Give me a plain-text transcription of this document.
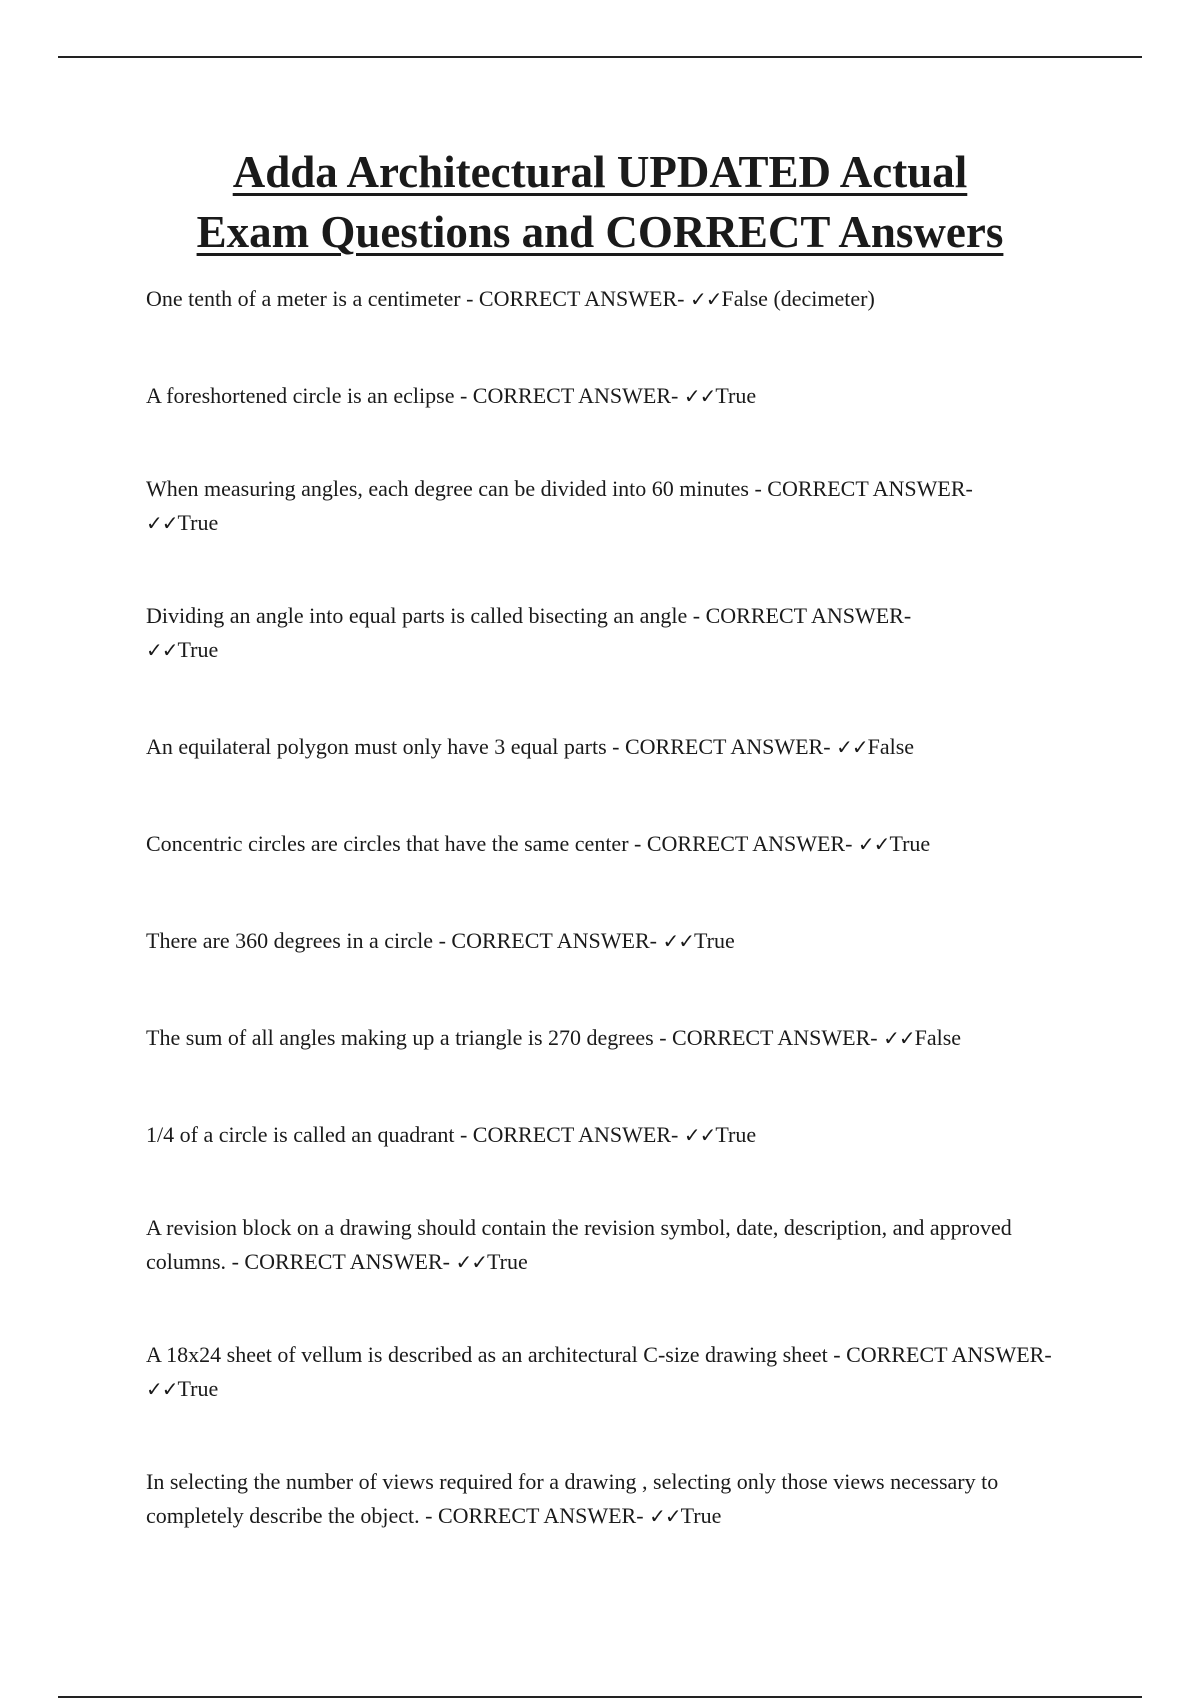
Adda Architectural UPDATED Actual
Exam Questions and CORRECT Answers
One tenth of a meter is a centimeter - CORRECT ANSWER- ✓✓False (decimeter)
A foreshortened circle is an eclipse - CORRECT ANSWER- ✓✓True
When measuring angles, each degree can be divided into 60 minutes - CORRECT ANSWER-
✓✓True
Dividing an angle into equal parts is called bisecting an angle - CORRECT ANSWER-
✓✓True
An equilateral polygon must only have 3 equal parts - CORRECT ANSWER- ✓✓False
Concentric circles are circles that have the same center - CORRECT ANSWER- ✓✓True
There are 360 degrees in a circle - CORRECT ANSWER- ✓✓True
The sum of all angles making up a triangle is 270 degrees - CORRECT ANSWER- ✓✓False
1/4 of a circle is called an quadrant - CORRECT ANSWER- ✓✓True
A revision block on a drawing should contain the revision symbol, date, description, and approved columns. - CORRECT ANSWER- ✓✓True
A 18x24 sheet of vellum is described as an architectural C-size drawing sheet - CORRECT ANSWER- ✓✓True
In selecting the number of views required for a drawing , selecting only those views necessary to completely describe the object. - CORRECT ANSWER- ✓✓True
